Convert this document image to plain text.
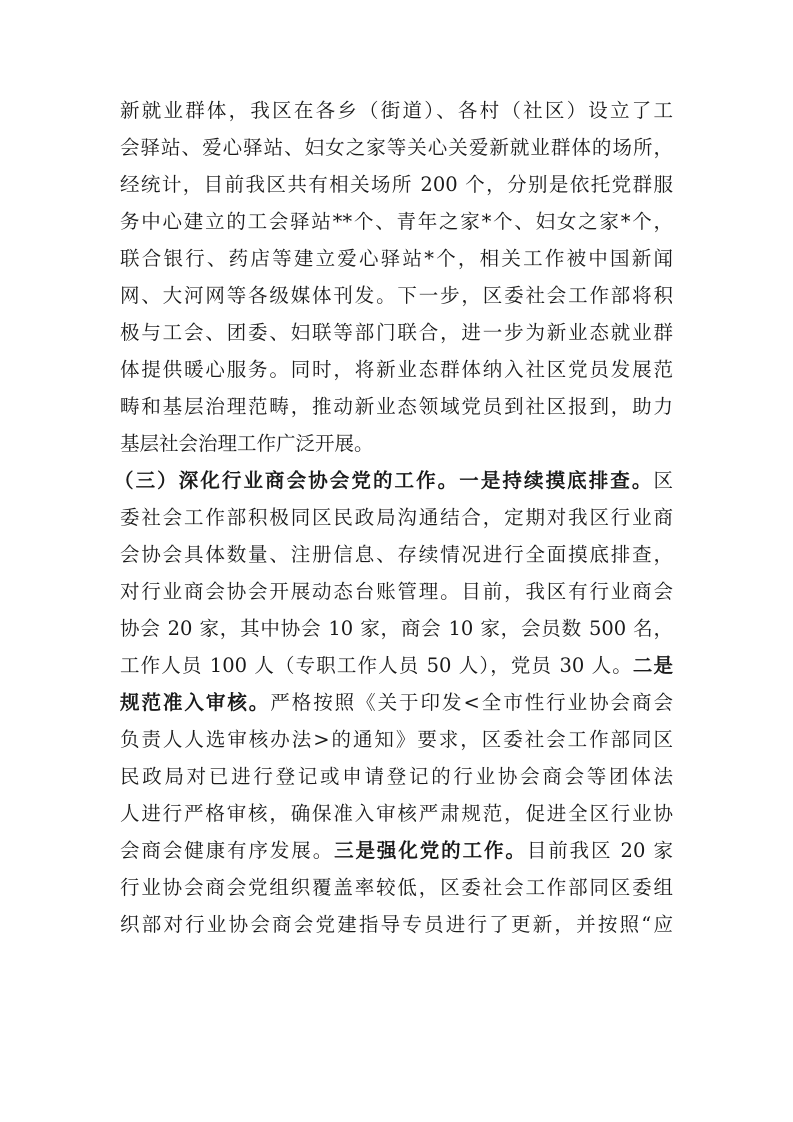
新就业群体，我区在各乡（街道）、各村（社区）设立了工
会驿站、爱心驿站、妇女之家等关心关爱新就业群体的场所，
经统计，目前我区共有相关场所 200 个，分别是依托党群服
务中心建立的工会驿站**个、青年之家*个、妇女之家*个，
联合银行、药店等建立爱心驿站*个，相关工作被中国新闻
网、大河网等各级媒体刊发。下一步，区委社会工作部将积
极与工会、团委、妇联等部门联合，进一步为新业态就业群
体提供暖心服务。同时，将新业态群体纳入社区党员发展范
畴和基层治理范畴，推动新业态领域党员到社区报到，助力
基层社会治理工作广泛开展。
（三）深化行业商会协会党的工作。一是持续摸底排查。区
委社会工作部积极同区民政局沟通结合，定期对我区行业商
会协会具体数量、注册信息、存续情况进行全面摸底排查，
对行业商会协会开展动态台账管理。目前，我区有行业商会
协会 20 家，其中协会 10 家，商会 10 家，会员数 500 名，
工作人员 100 人（专职工作人员 50 人），党员 30 人。二是
规范准入审核。严格按照《关于印发<全市性行业协会商会
负责人人选审核办法>的通知》要求，区委社会工作部同区
民政局对已进行登记或申请登记的行业协会商会等团体法
人进行严格审核，确保准入审核严肃规范，促进全区行业协
会商会健康有序发展。三是强化党的工作。目前我区 20 家
行业协会商会党组织覆盖率较低，区委社会工作部同区委组
织部对行业协会商会党建指导专员进行了更新，并按照“应
